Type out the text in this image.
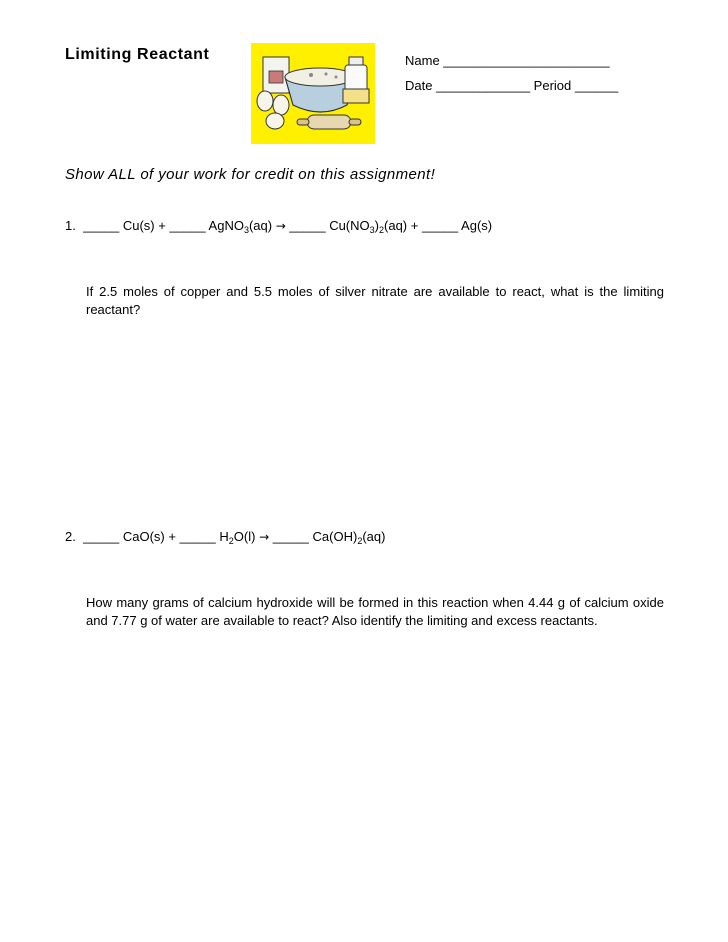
Limiting Reactant	Name _______________________
Date _____________ Period ______
Show ALL of your work for credit on this assignment!
1. _____ Cu(s) + _____ AgNO$_3$(aq) → _____ $Cu(NO_3)_2(aq)$ + _____ Ag(s)
If 2.5 moles of copper and 5.5 moles of silver nitrate are available to react, what is the limiting reactant?
2. _____ CaO(s) + _____ $H_2O(l)$ → _____ $Ca(OH)_2(aq)$
How many grams of calcium hydroxide will be formed in this reaction when 4.44 g of calcium oxide and 7.77 g of water are available to react? Also identify the limiting and excess reactants.
